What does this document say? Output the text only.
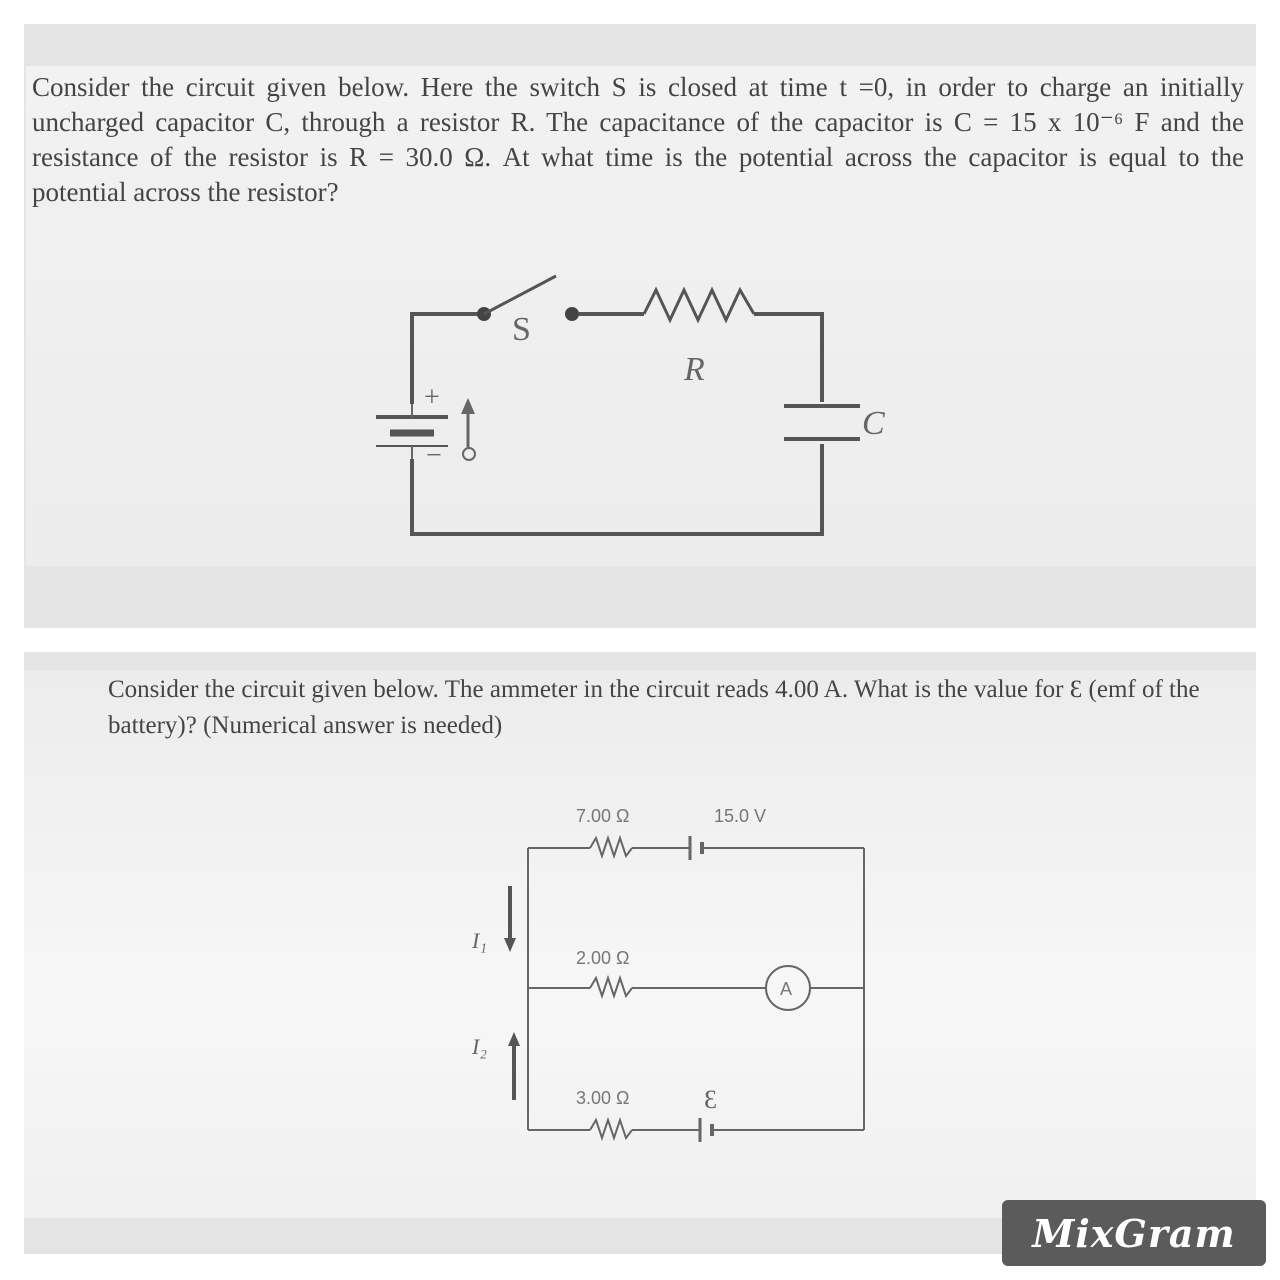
Consider the circuit given below. Here the switch S is closed at time t =0, in order to charge an initially uncharged capacitor C, through a resistor R. The capacitance of the capacitor is C = 15 x 10⁻⁶ F and the resistance of the resistor is R = 30.0 Ω. At what time is the potential across the capacitor is equal to the potential across the resistor?

+
−
S
R
C

Consider the circuit given below. The ammeter in the circuit reads 4.00 A. What is the value for Ɛ (emf of the battery)? (Numerical answer is needed)

7.00 Ω	15.0 V
A
2.00 Ω
3.00 Ω	Ɛ
I₁
I₂
MixGram
